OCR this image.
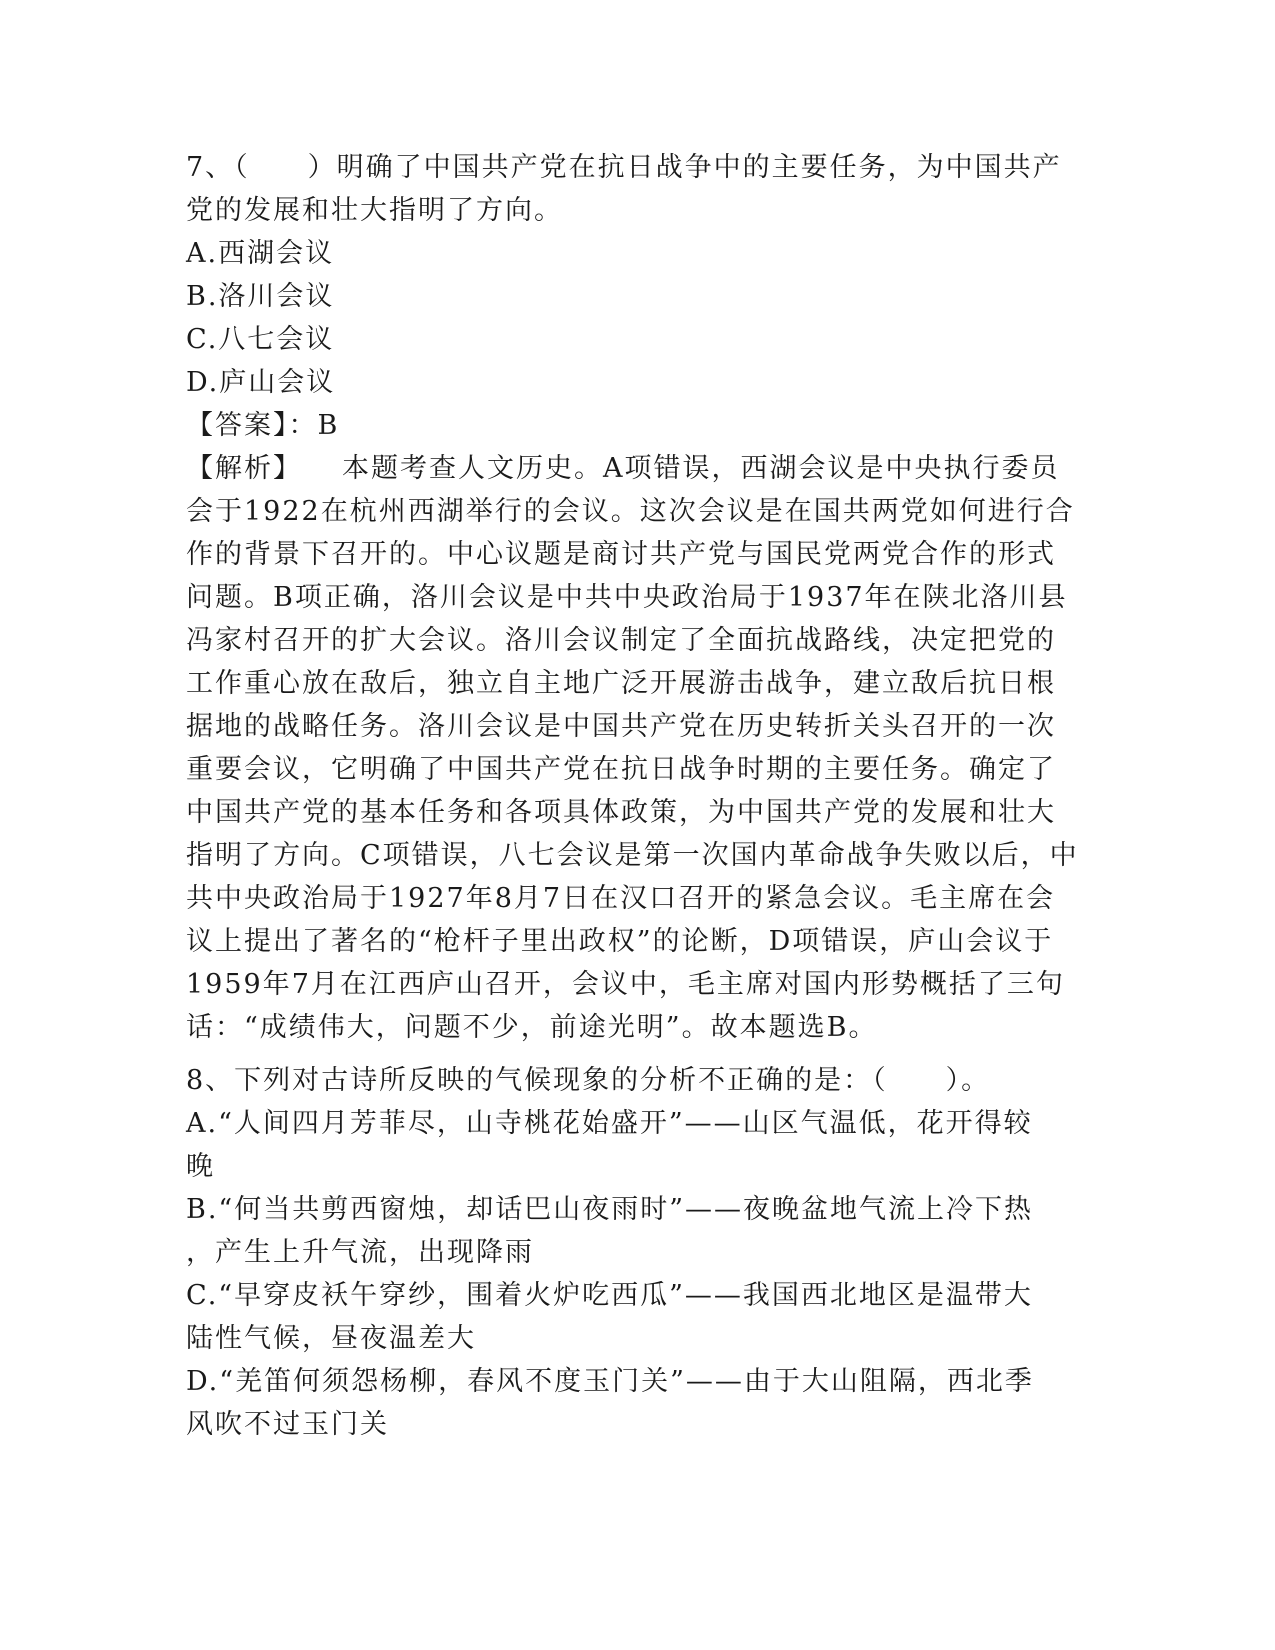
7、（　　）明确了中国共产党在抗日战争中的主要任务，为中国共产
党的发展和壮大指明了方向。
A.西湖会议
B.洛川会议
C.八七会议
D.庐山会议
【答案】：B
【解析】 本题考查人文历史。A项错误，西湖会议是中央执行委员
会于1922在杭州西湖举行的会议。这次会议是在国共两党如何进行合
作的背景下召开的。中心议题是商讨共产党与国民党两党合作的形式
问题。B项正确，洛川会议是中共中央政治局于1937年在陕北洛川县
冯家村召开的扩大会议。洛川会议制定了全面抗战路线，决定把党的
工作重心放在敌后，独立自主地广泛开展游击战争，建立敌后抗日根
据地的战略任务。洛川会议是中国共产党在历史转折关头召开的一次
重要会议，它明确了中国共产党在抗日战争时期的主要任务。确定了
中国共产党的基本任务和各项具体政策，为中国共产党的发展和壮大
指明了方向。C项错误，八七会议是第一次国内革命战争失败以后，中
共中央政治局于1927年8月7日在汉口召开的紧急会议。毛主席在会
议上提出了著名的“枪杆子里出政权”的论断，D项错误，庐山会议于
1959年7月在江西庐山召开，会议中，毛主席对国内形势概括了三句
话：“成绩伟大，问题不少，前途光明”。故本题选B。
8、下列对古诗所反映的气候现象的分析不正确的是：（　　）。
A.“人间四月芳菲尽，山寺桃花始盛开”——山区气温低，花开得较
晚
B.“何当共剪西窗烛，却话巴山夜雨时”——夜晚盆地气流上冷下热
，产生上升气流，出现降雨
C.“早穿皮袄午穿纱，围着火炉吃西瓜”——我国西北地区是温带大
陆性气候，昼夜温差大
D.“羌笛何须怨杨柳，春风不度玉门关”——由于大山阻隔，西北季
风吹不过玉门关
